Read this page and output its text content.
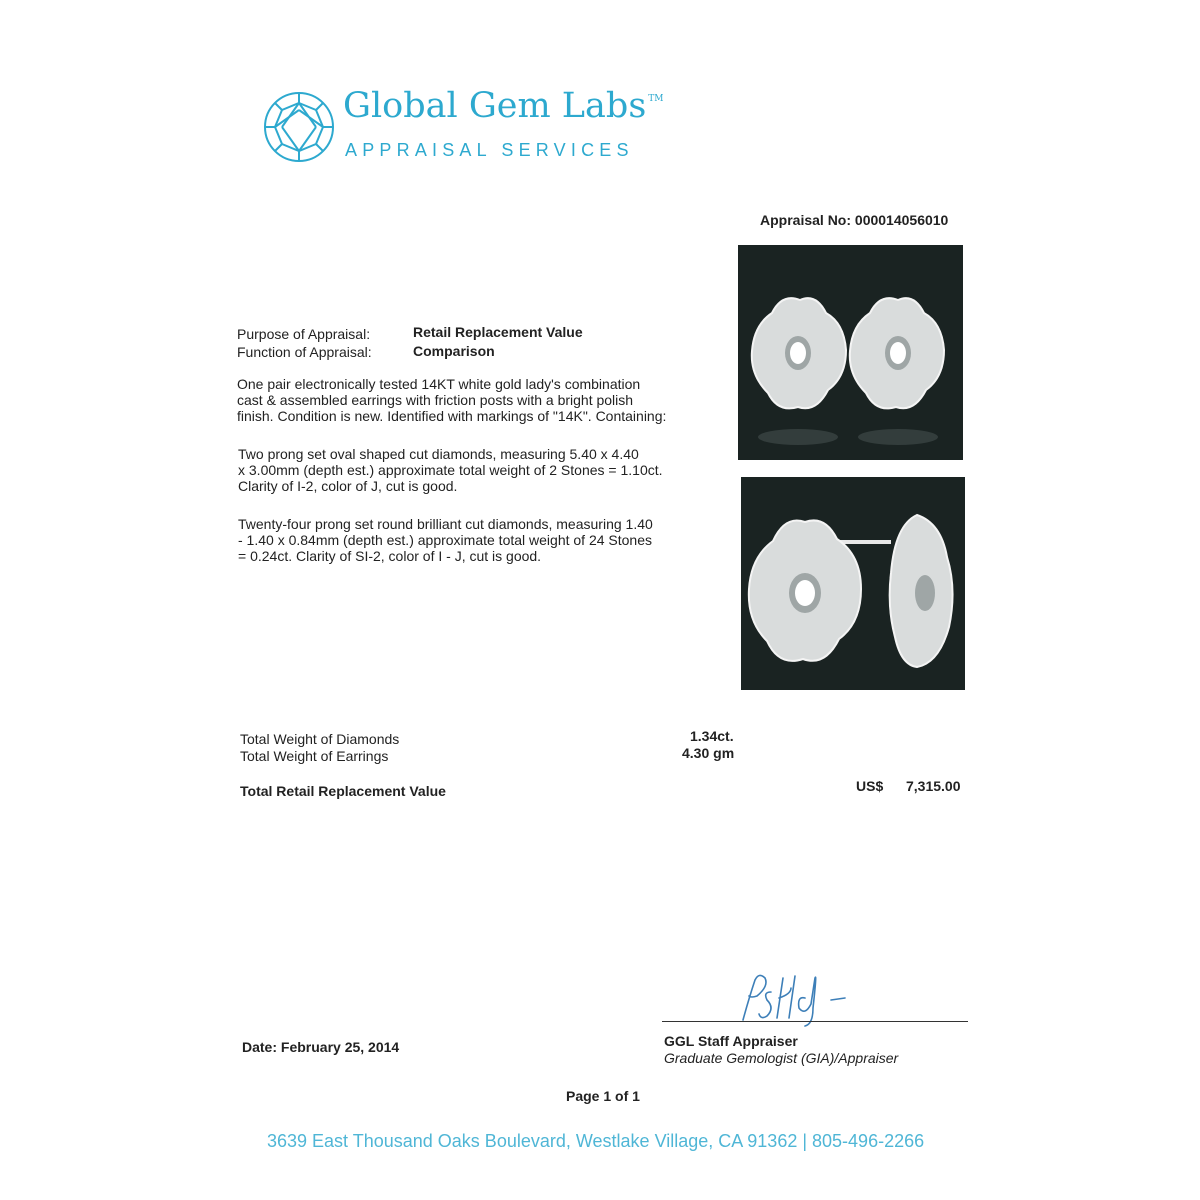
Global Gem Labs ™
APPRAISAL SERVICES
Appraisal No: 000014056010
Purpose of Appraisal:	Retail Replacement Value
Function of Appraisal:	Comparison
One pair electronically tested 14KT white gold lady's combination
cast & assembled earrings with friction posts with a bright polish
finish. Condition is new. Identified with markings of "14K". Containing:
Two prong set oval shaped cut diamonds, measuring 5.40 x 4.40
x 3.00mm (depth est.) approximate total weight of 2 Stones = 1.10ct.
Clarity of I-2, color of J, cut is good.
Twenty-four prong set round brilliant cut diamonds, measuring 1.40
- 1.40 x 0.84mm (depth est.) approximate total weight of 24 Stones
= 0.24ct. Clarity of SI-2, color of I - J, cut is good.
Total Weight of Diamonds	1.34ct.
Total Weight of Earrings	4.30 gm
Total Retail Replacement Value	US$ 7,315.00
Date: February 25, 2014	GGL Staff Appraiser
Graduate Gemologist (GIA)/Appraiser
Page 1 of 1
3639 East Thousand Oaks Boulevard, Westlake Village, CA 91362 | 805-496-2266
